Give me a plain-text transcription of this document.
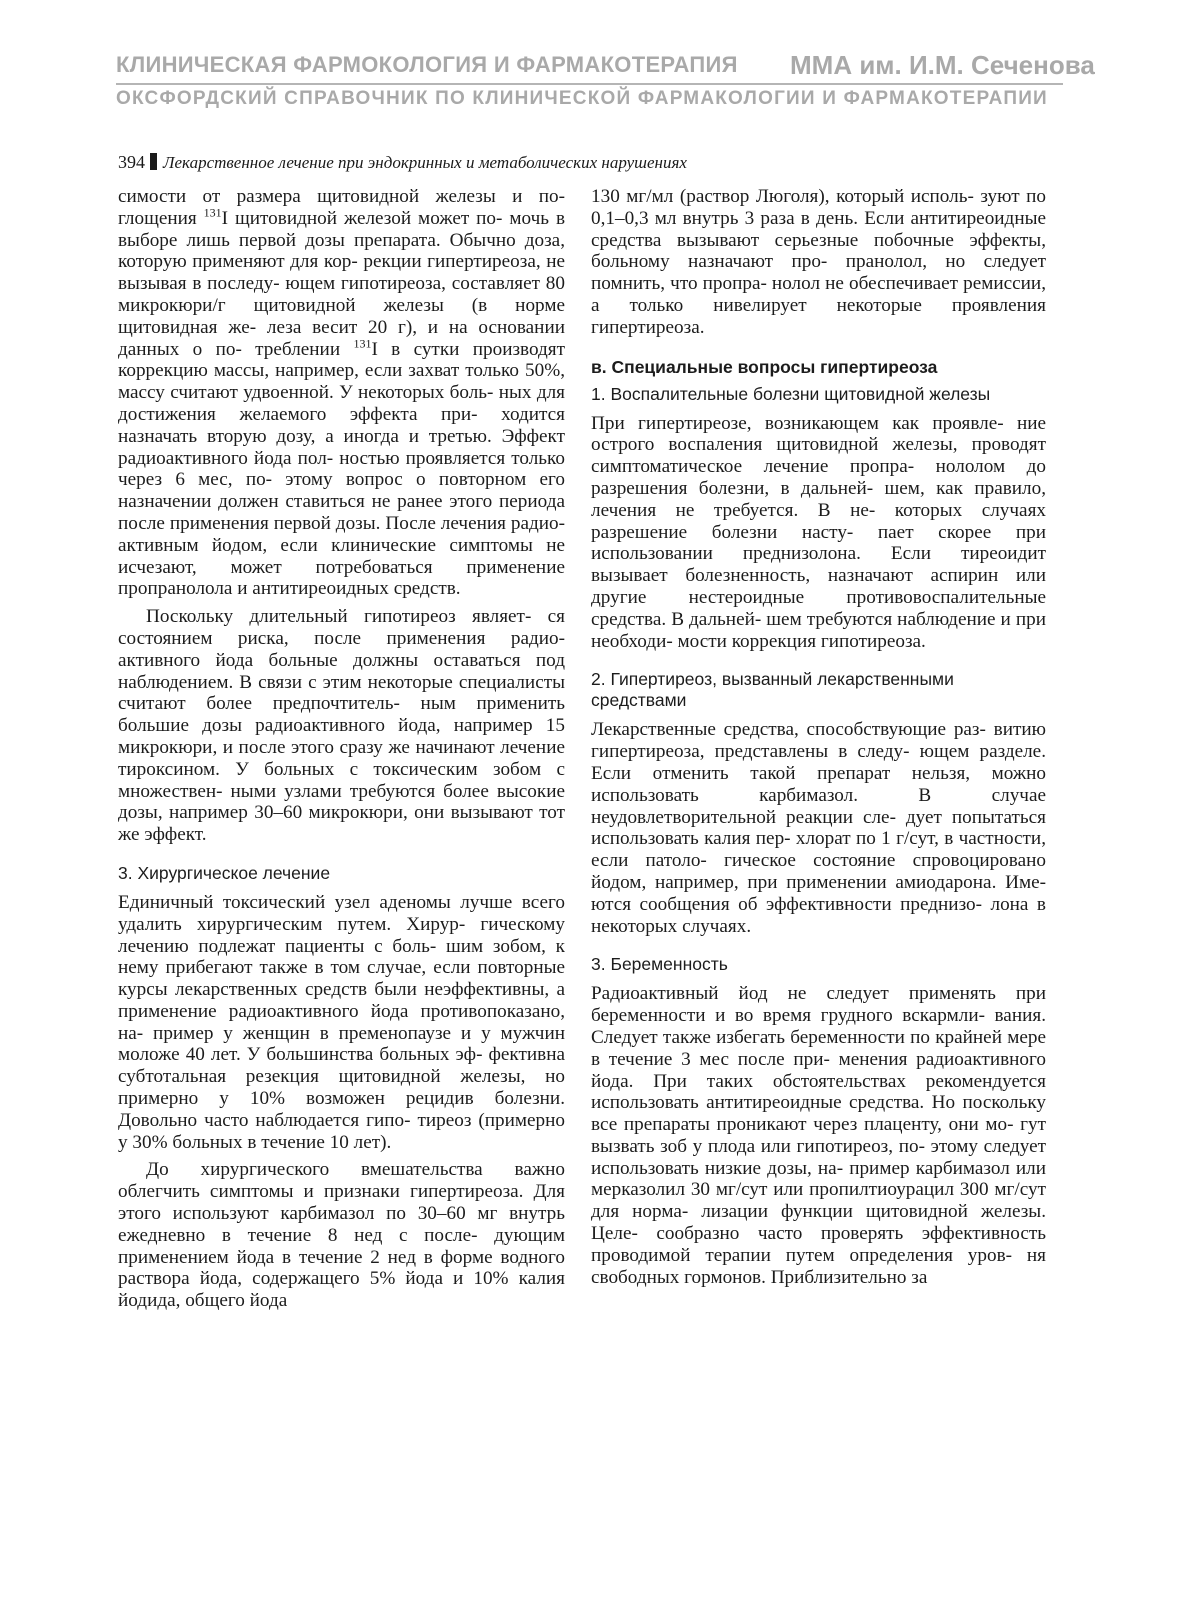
КЛИНИЧЕСКАЯ ФАРМОКОЛОГИЯ И ФАРМАКОТЕРАПИЯ ММА им. И.М. Сеченова
ОКСФОРДСКИЙ СПРАВОЧНИК ПО КЛИНИЧЕСКОЙ ФАРМАКОЛОГИИ И ФАРМАКОТЕРАПИИ
394 Лекарственное лечение при эндокринных и метаболических нарушениях

симости от размера щитовидной железы и по- глощения $^{131}$I щитовидной железой может по- мочь в выборе лишь первой дозы препарата. Обычно доза, которую применяют для кор- рекции гипертиреоза, не вызывая в последу- ющем гипотиреоза, составляет 80 микрокюри/г щитовидной железы (в норме щитовидная же- леза весит 20 г), и на основании данных о по- треблении $^{131}$I в сутки производят коррекцию массы, например, если захват только 50%, массу считают удвоенной. У некоторых боль- ных для достижения желаемого эффекта при- ходится назначать вторую дозу, а иногда и третью. Эффект радиоактивного йода пол- ностью проявляется только через 6 мес, по- этому вопрос о повторном его назначении должен ставиться не ранее этого периода после применения первой дозы. После лечения радио- активным йодом, если клинические симптомы не исчезают, может потребоваться применение пропранолола и антитиреоидных средств.

Поскольку длительный гипотиреоз являет- ся состоянием риска, после применения радио- активного йода больные должны оставаться под наблюдением. В связи с этим некоторые специалисты считают более предпочтитель- ным применить большие дозы радиоактивного йода, например 15 микрокюри, и после этого сразу же начинают лечение тироксином. У больных с токсическим зобом с множествен- ными узлами требуются более высокие дозы, например 30–60 микрокюри, они вызывают тот же эффект.

3. Хирургическое лечение

Единичный токсический узел аденомы лучше всего удалить хирургическим путем. Хирур- гическому лечению подлежат пациенты с боль- шим зобом, к нему прибегают также в том случае, если повторные курсы лекарственных средств были неэффективны, а применение радиоактивного йода противопоказано, на- пример у женщин в пременопаузе и у мужчин моложе 40 лет. У большинства больных эф- фективна субтотальная резекция щитовидной железы, но примерно у 10% возможен рецидив болезни. Довольно часто наблюдается гипо- тиреоз (примерно у 30% больных в течение 10 лет).

До хирургического вмешательства важно облегчить симптомы и признаки гипертиреоза. Для этого используют карбимазол по 30–60 мг внутрь ежедневно в течение 8 нед с после- дующим применением йода в течение 2 нед в форме водного раствора йода, содержащего 5% йода и 10% калия йодида, общего йода

130 мг/мл (раствор Люголя), который исполь- зуют по 0,1–0,3 мл внутрь 3 раза в день. Если антитиреоидные средства вызывают серьезные побочные эффекты, больному назначают про- пранолол, но следует помнить, что пропра- нолол не обеспечивает ремиссии, а только нивелирует некоторые проявления гипертиреоза.

в. Специальные вопросы гипертиреоза
1. Воспалительные болезни щитовидной железы

При гипертиреозе, возникающем как проявле- ние острого воспаления щитовидной железы, проводят симптоматическое лечение пропра- нололом до разрешения болезни, в дальней- шем, как правило, лечения не требуется. В не- которых случаях разрешение болезни насту- пает скорее при использовании преднизолона. Если тиреоидит вызывает болезненность, назначают аспирин или другие нестероидные противовоспалительные средства. В дальней- шем требуются наблюдение и при необходи- мости коррекция гипотиреоза.

2. Гипертиреоз, вызванный лекарственными средствами

Лекарственные средства, способствующие раз- витию гипертиреоза, представлены в следу- ющем разделе. Если отменить такой препарат нельзя, можно использовать карбимазол. В случае неудовлетворительной реакции сле- дует попытаться использовать калия пер- хлорат по 1 г/сут, в частности, если патоло- гическое состояние спровоцировано йодом, например, при применении амиодарона. Име- ются сообщения об эффективности преднизо- лона в некоторых случаях.

3. Беременность

Радиоактивный йод не следует применять при беременности и во время грудного вскармли- вания. Следует также избегать беременности по крайней мере в течение 3 мес после при- менения радиоактивного йода. При таких обстоятельствах рекомендуется использовать антитиреоидные средства. Но поскольку все препараты проникают через плаценту, они мо- гут вызвать зоб у плода или гипотиреоз, по- этому следует использовать низкие дозы, на- пример карбимазол или мерказолил 30 мг/сут или пропилтиоурацил 300 мг/сут для норма- лизации функции щитовидной железы. Целе- сообразно часто проверять эффективность проводимой терапии путем определения уров- ня свободных гормонов. Приблизительно за
